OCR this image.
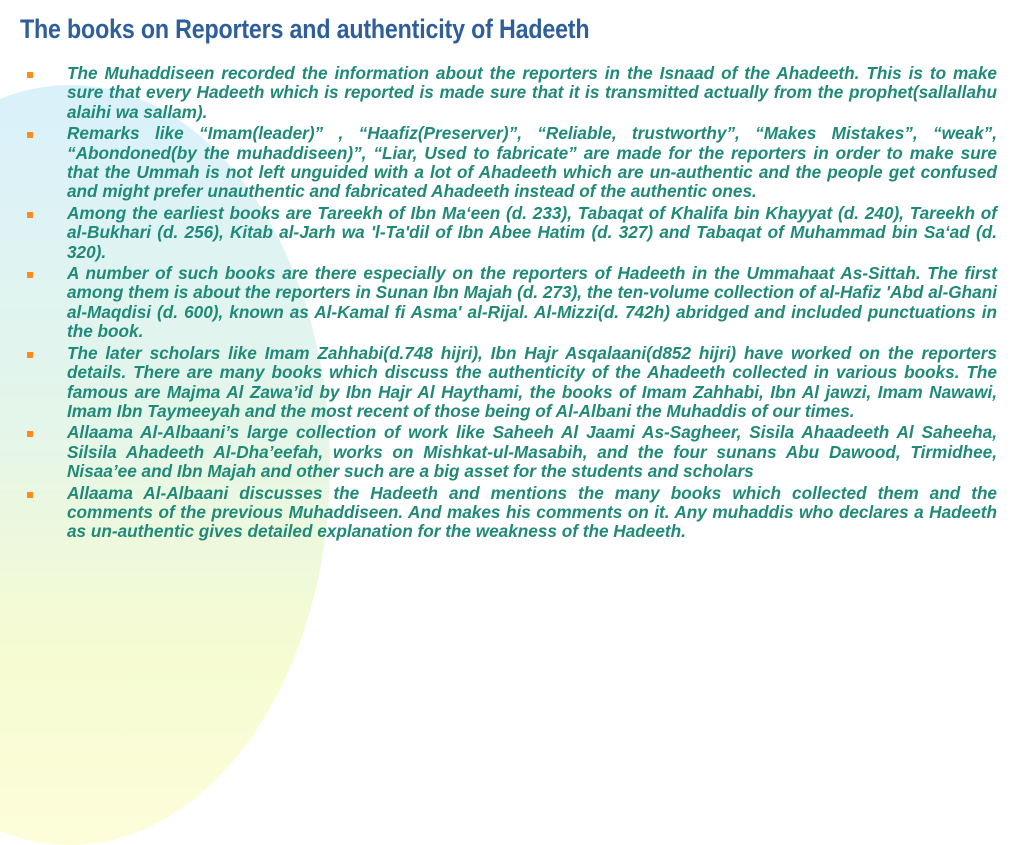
The books on Reporters and authenticity of Hadeeth
The Muhaddiseen recorded the information about the reporters in the Isnaad of the Ahadeeth. This is to make sure that every Hadeeth which is reported is made sure that it is transmitted actually from the prophet(sallallahu alaihi wa sallam).
Remarks like “Imam(leader)” , “Haafiz(Preserver)”, “Reliable, trustworthy”, “Makes Mistakes”, “weak”, “Abondoned(by the muhaddiseen)”, “Liar, Used to fabricate” are made for the reporters in order to make sure that the Ummah is not left unguided with a lot of Ahadeeth which are un-authentic and the people get confused and might prefer unauthentic and fabricated Ahadeeth instead of the authentic ones.
Among the earliest books are Tareekh of Ibn Ma‘een (d. 233), Tabaqat of Khalifa bin Khayyat (d. 240), Tareekh of al-Bukhari (d. 256), Kitab al-Jarh wa 'l-Ta'dil of Ibn Abee Hatim (d. 327) and Tabaqat of Muhammad bin Sa‘ad (d. 320).
A number of such books are there especially on the reporters of Hadeeth in the Ummahaat As-Sittah. The first among them is about the reporters in Sunan Ibn Majah (d. 273), the ten-volume collection of al-Hafiz 'Abd al-Ghani al-Maqdisi (d. 600), known as Al-Kamal fi Asma' al-Rijal. Al-Mizzi(d. 742h) abridged and included punctuations in the book.
The later scholars like Imam Zahhabi(d.748 hijri), Ibn Hajr Asqalaani(d852 hijri) have worked on the reporters details. There are many books which discuss the authenticity of the Ahadeeth collected in various books. The famous are Majma Al Zawa’id by Ibn Hajr Al Haythami, the books of Imam Zahhabi, Ibn Al jawzi, Imam Nawawi, Imam Ibn Taymeeyah and the most recent of those being of Al-Albani the Muhaddis of our times.
Allaama Al-Albaani’s large collection of work like Saheeh Al Jaami As-Sagheer, Sisila Ahaadeeth Al Saheeha, Silsila Ahadeeth Al-Dha’eefah, works on Mishkat-ul-Masabih, and the four sunans Abu Dawood, Tirmidhee, Nisaa’ee and Ibn Majah and other such are a big asset for the students and scholars
Allaama Al-Albaani discusses the Hadeeth and mentions the many books which collected them and the comments of the previous Muhaddiseen. And makes his comments on it. Any muhaddis who declares a Hadeeth as un-authentic gives detailed explanation for the weakness of the Hadeeth.
